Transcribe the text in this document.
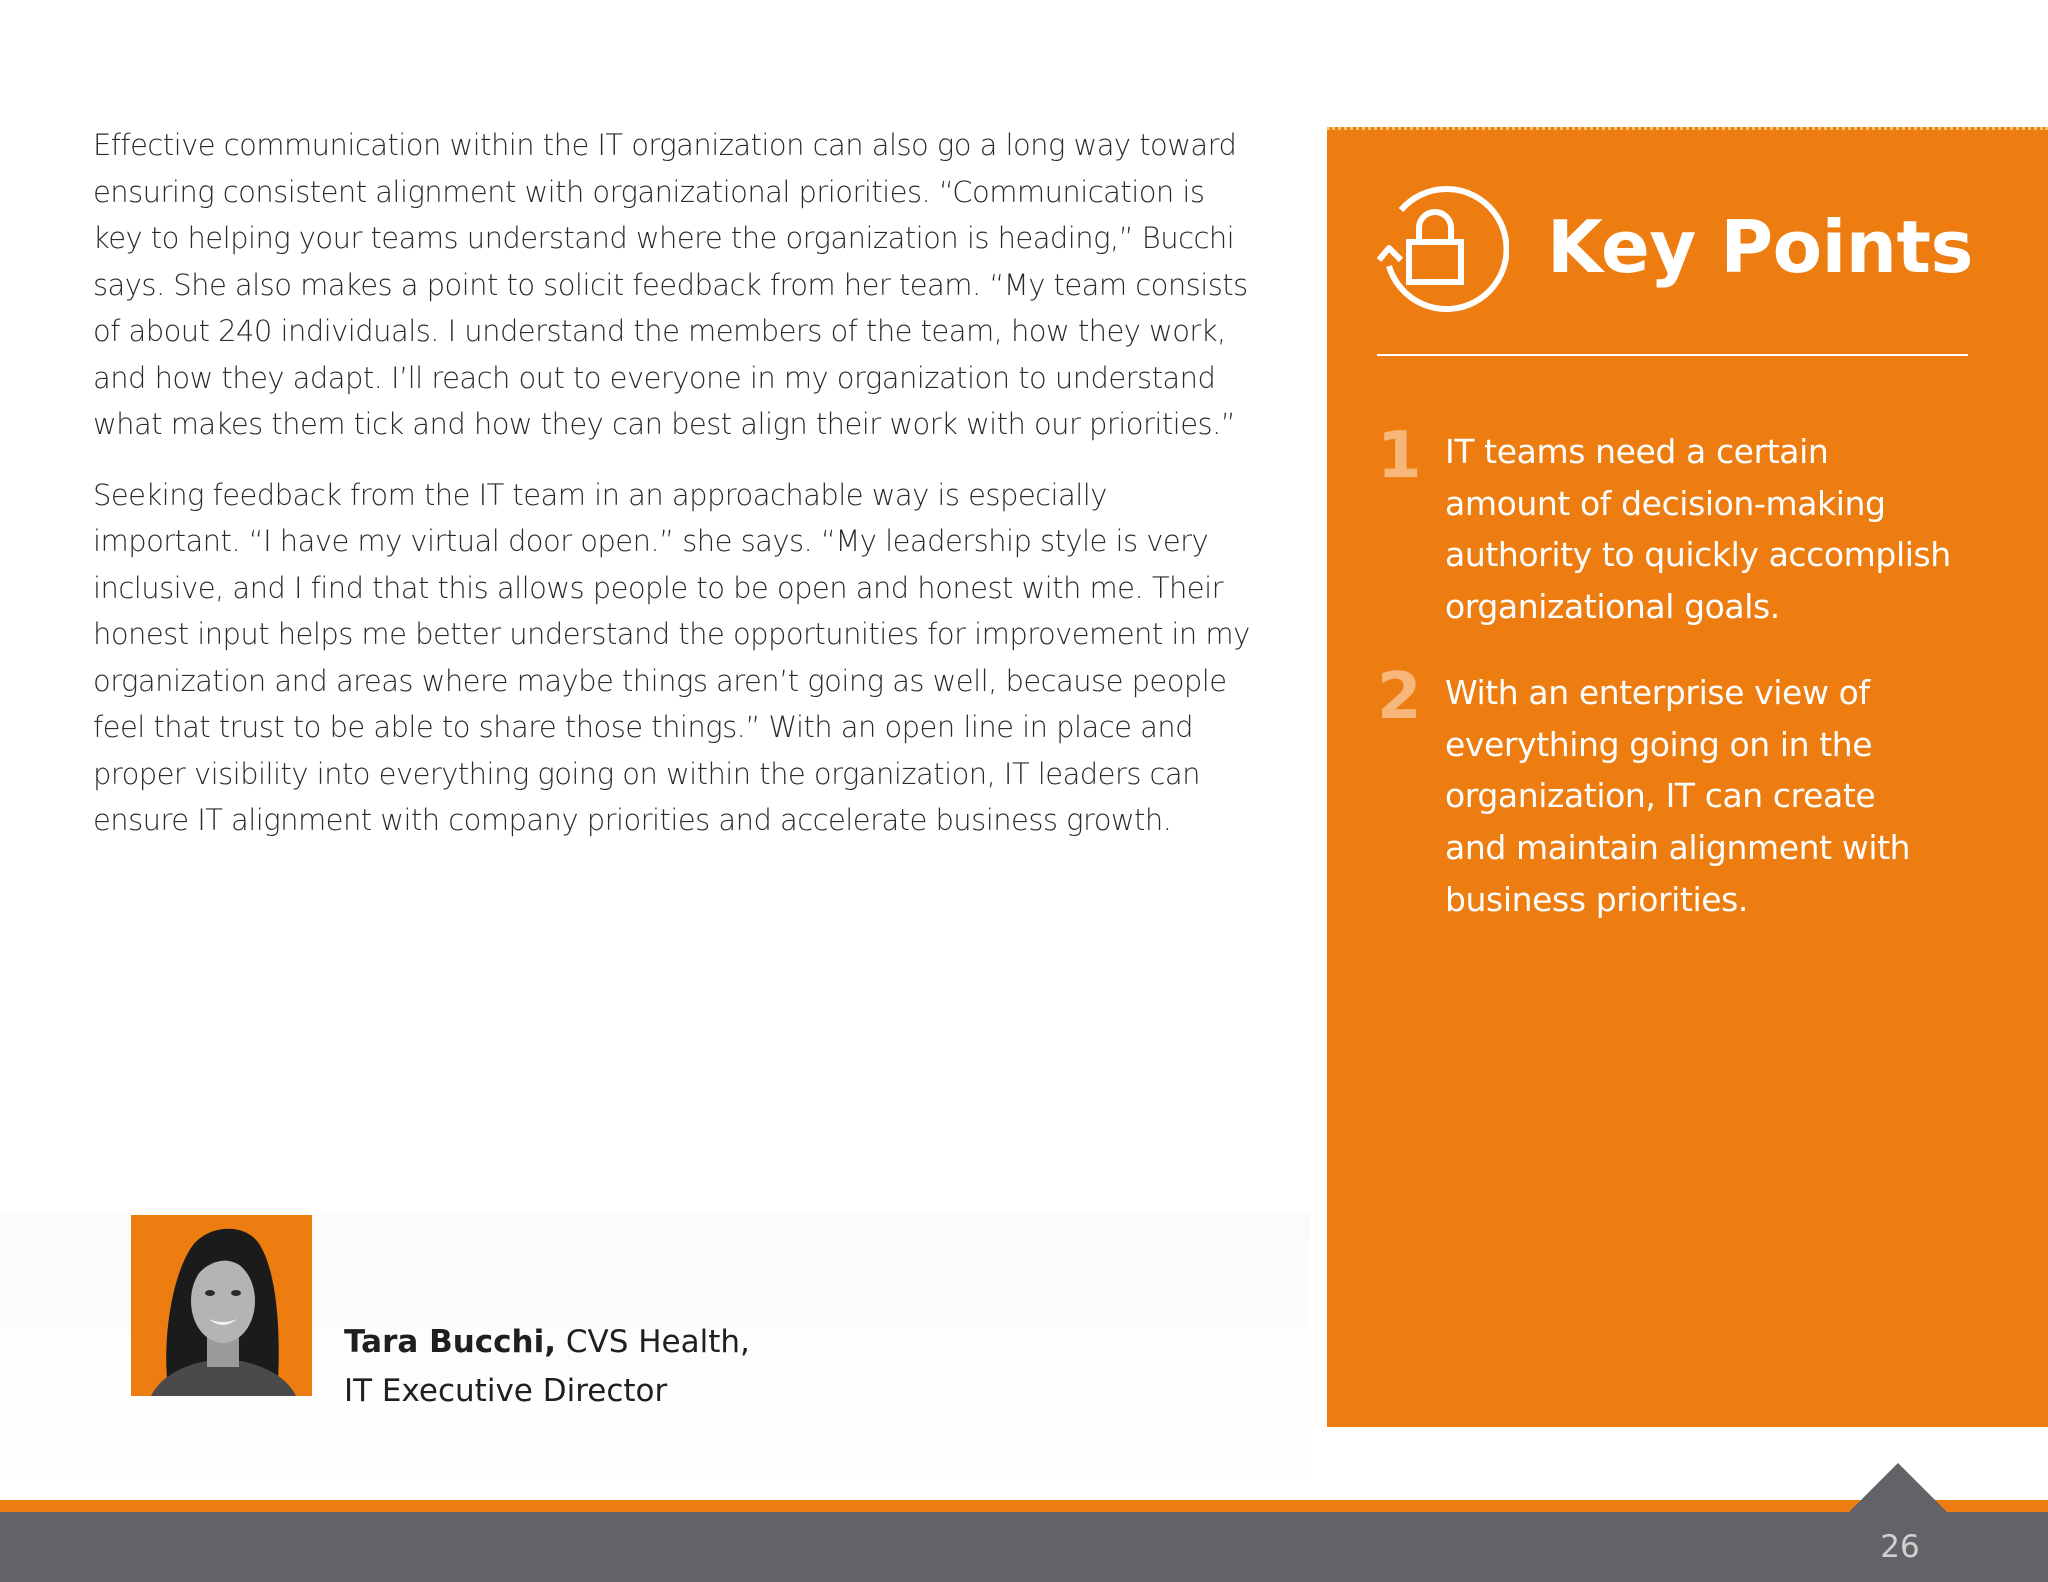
Effective communication within the IT organization can also go a long way toward
ensuring consistent alignment with organizational priorities. “Communication is
key to helping your teams understand where the organization is heading,” Bucchi
says. She also makes a point to solicit feedback from her team. “My team consists
of about 240 individuals. I understand the members of the team, how they work,
and how they adapt. I’ll reach out to everyone in my organization to understand
what makes them tick and how they can best align their work with our priorities.”

Seeking feedback from the IT team in an approachable way is especially
important. “I have my virtual door open.” she says. “My leadership style is very
inclusive, and I find that this allows people to be open and honest with me. Their
honest input helps me better understand the opportunities for improvement in my
organization and areas where maybe things aren’t going as well, because people
feel that trust to be able to share those things.” With an open line in place and
proper visibility into everything going on within the organization, IT leaders can
ensure IT alignment with company priorities and accelerate business growth.

Tara Bucchi, CVS Health,
IT Executive Director
Key Points
1 IT teams need a certain
amount of decision-making
authority to quickly accomplish
organizational goals.
2 With an enterprise view of
everything going on in the
organization, IT can create
and maintain alignment with
business priorities.
26
